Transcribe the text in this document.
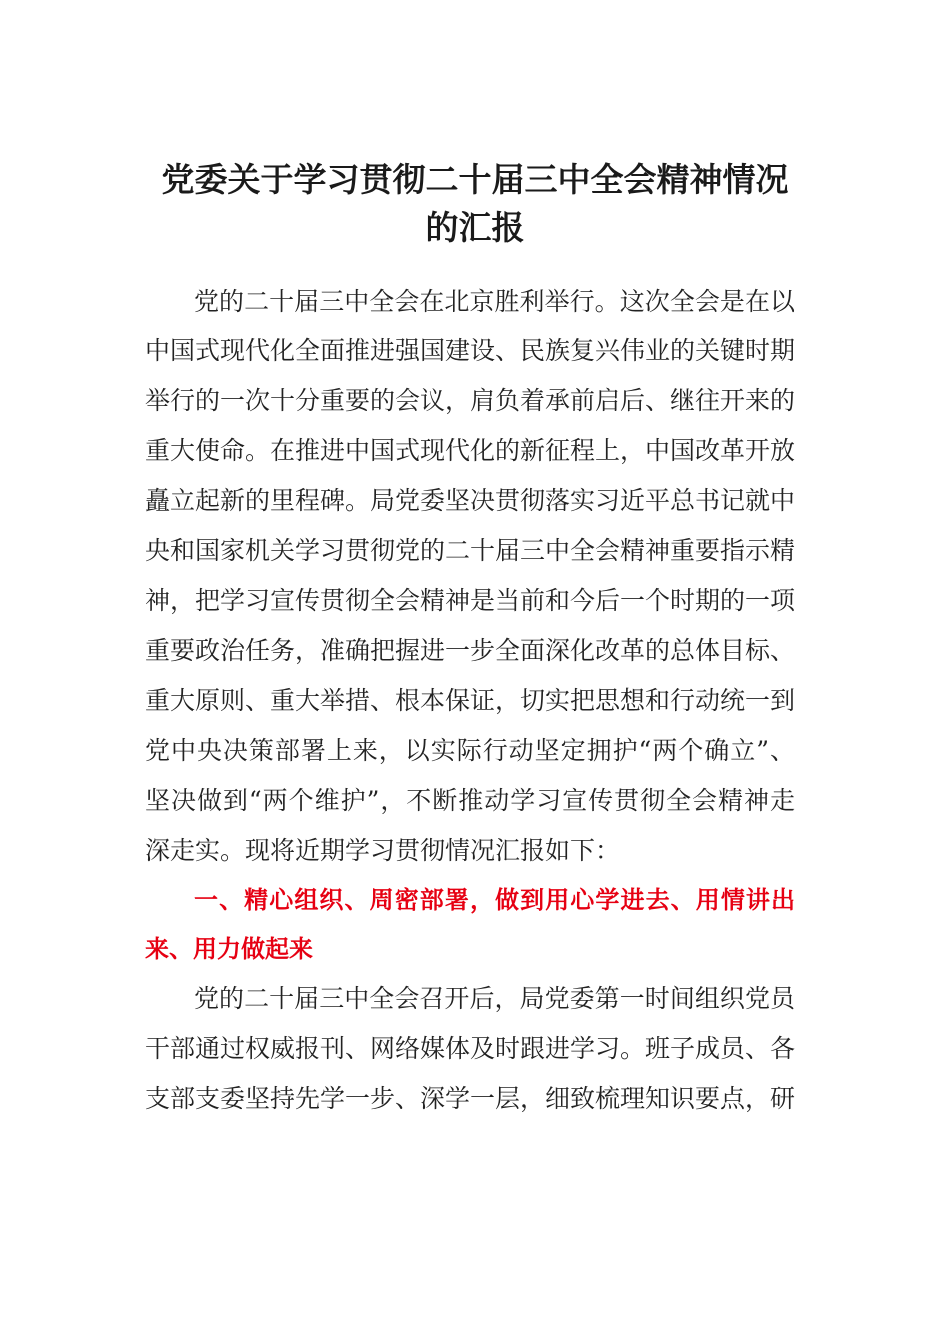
党委关于学习贯彻二十届三中全会精神情况
的汇报

党的二十届三中全会在北京胜利举行。这次全会是在以

中国式现代化全面推进强国建设、民族复兴伟业的关键时期

举行的一次十分重要的会议，肩负着承前启后、继往开来的

重大使命。在推进中国式现代化的新征程上，中国改革开放

矗立起新的里程碑。局党委坚决贯彻落实习近平总书记就中

央和国家机关学习贯彻党的二十届三中全会精神重要指示精

神，把学习宣传贯彻全会精神是当前和今后一个时期的一项

重要政治任务，准确把握进一步全面深化改革的总体目标、

重大原则、重大举措、根本保证，切实把思想和行动统一到

党中央决策部署上来，以实际行动坚定拥护“两个确立”、

坚决做到“两个维护”，不断推动学习宣传贯彻全会精神走

深走实。现将近期学习贯彻情况汇报如下：

一、精心组织、周密部署，做到用心学进去、用情讲出

来、用力做起来

党的二十届三中全会召开后，局党委第一时间组织党员

干部通过权威报刊、网络媒体及时跟进学习。班子成员、各

支部支委坚持先学一步、深学一层，细致梳理知识要点，研
